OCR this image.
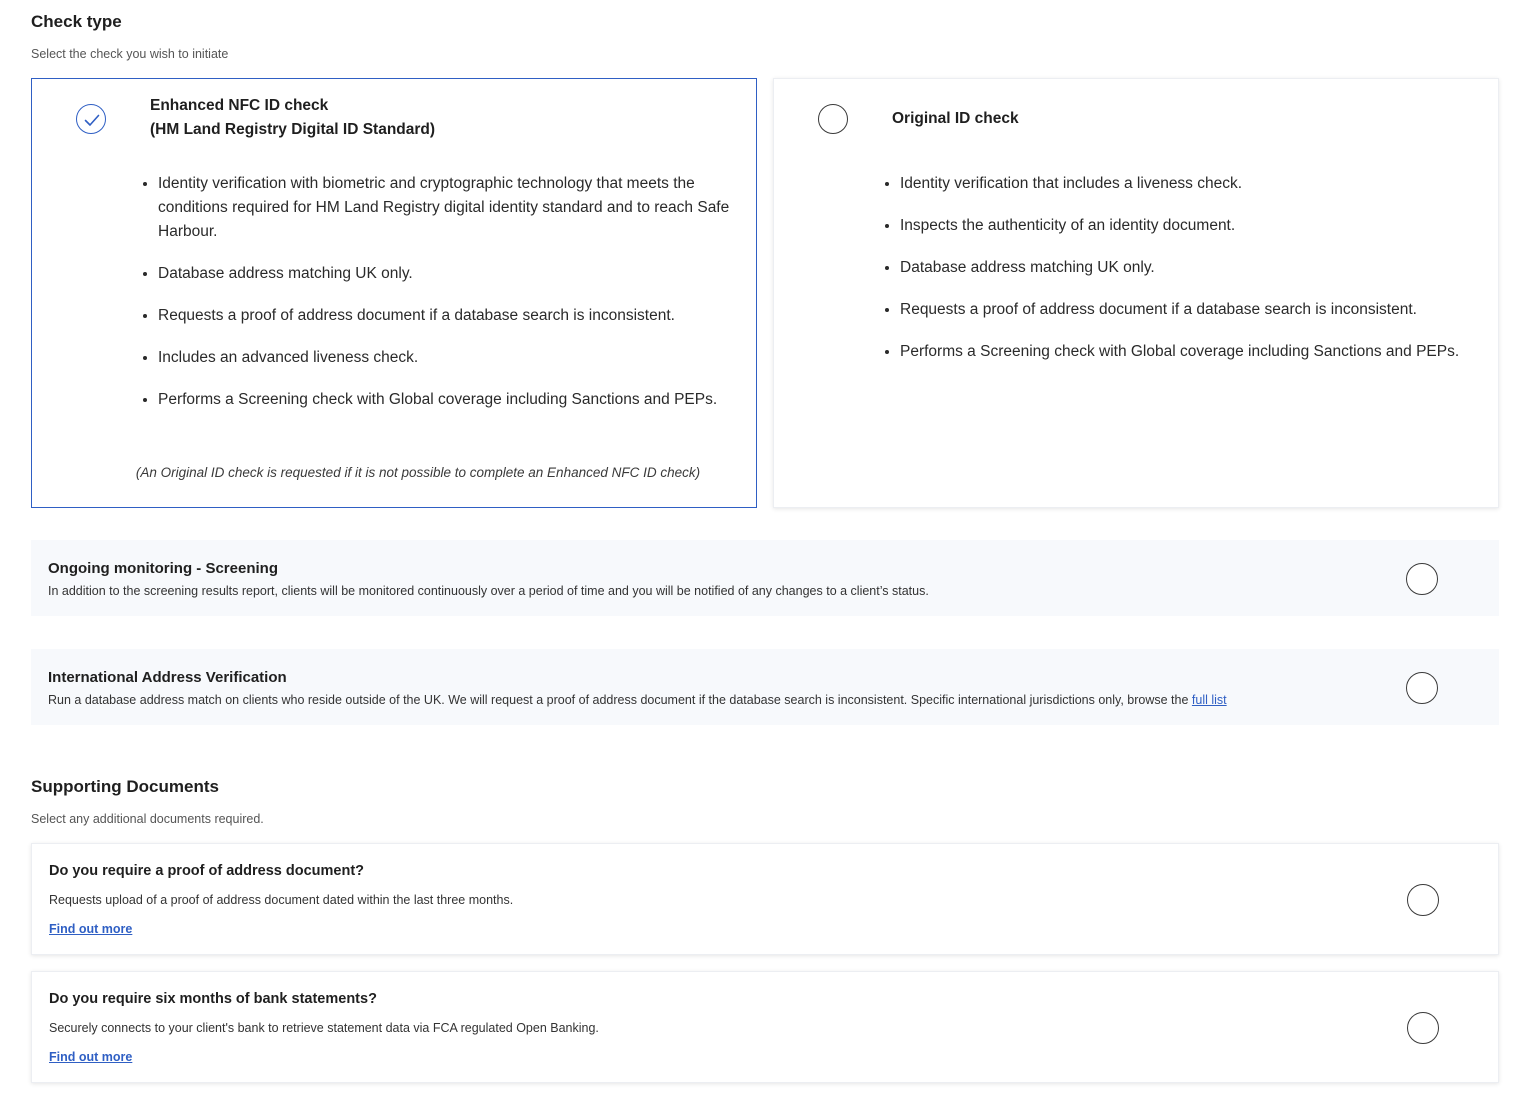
Check type

Select the check you wish to initiate

Enhanced NFC ID check
(HM Land Registry Digital ID Standard)

• Identity verification with biometric and cryptographic technology that meets the conditions required for HM Land Registry digital identity standard and to reach Safe Harbour.
• Database address matching UK only.
• Requests a proof of address document if a database search is inconsistent.
• Includes an advanced liveness check.
• Performs a Screening check with Global coverage including Sanctions and PEPs.

(An Original ID check is requested if it is not possible to complete an Enhanced NFC ID check)

Original ID check

• Identity verification that includes a liveness check.
• Inspects the authenticity of an identity document.
• Database address matching UK only.
• Requests a proof of address document if a database search is inconsistent.
• Performs a Screening check with Global coverage including Sanctions and PEPs.

Ongoing monitoring - Screening

In addition to the screening results report, clients will be monitored continuously over a period of time and you will be notified of any changes to a client’s status.

International Address Verification

Run a database address match on clients who reside outside of the UK. We will request a proof of address document if the database search is inconsistent. Specific international jurisdictions only, browse the full list

Supporting Documents

Select any additional documents required.

Do you require a proof of address document?

Requests upload of a proof of address document dated within the last three months.

Find out more

Do you require six months of bank statements?

Securely connects to your client's bank to retrieve statement data via FCA regulated Open Banking.

Find out more
